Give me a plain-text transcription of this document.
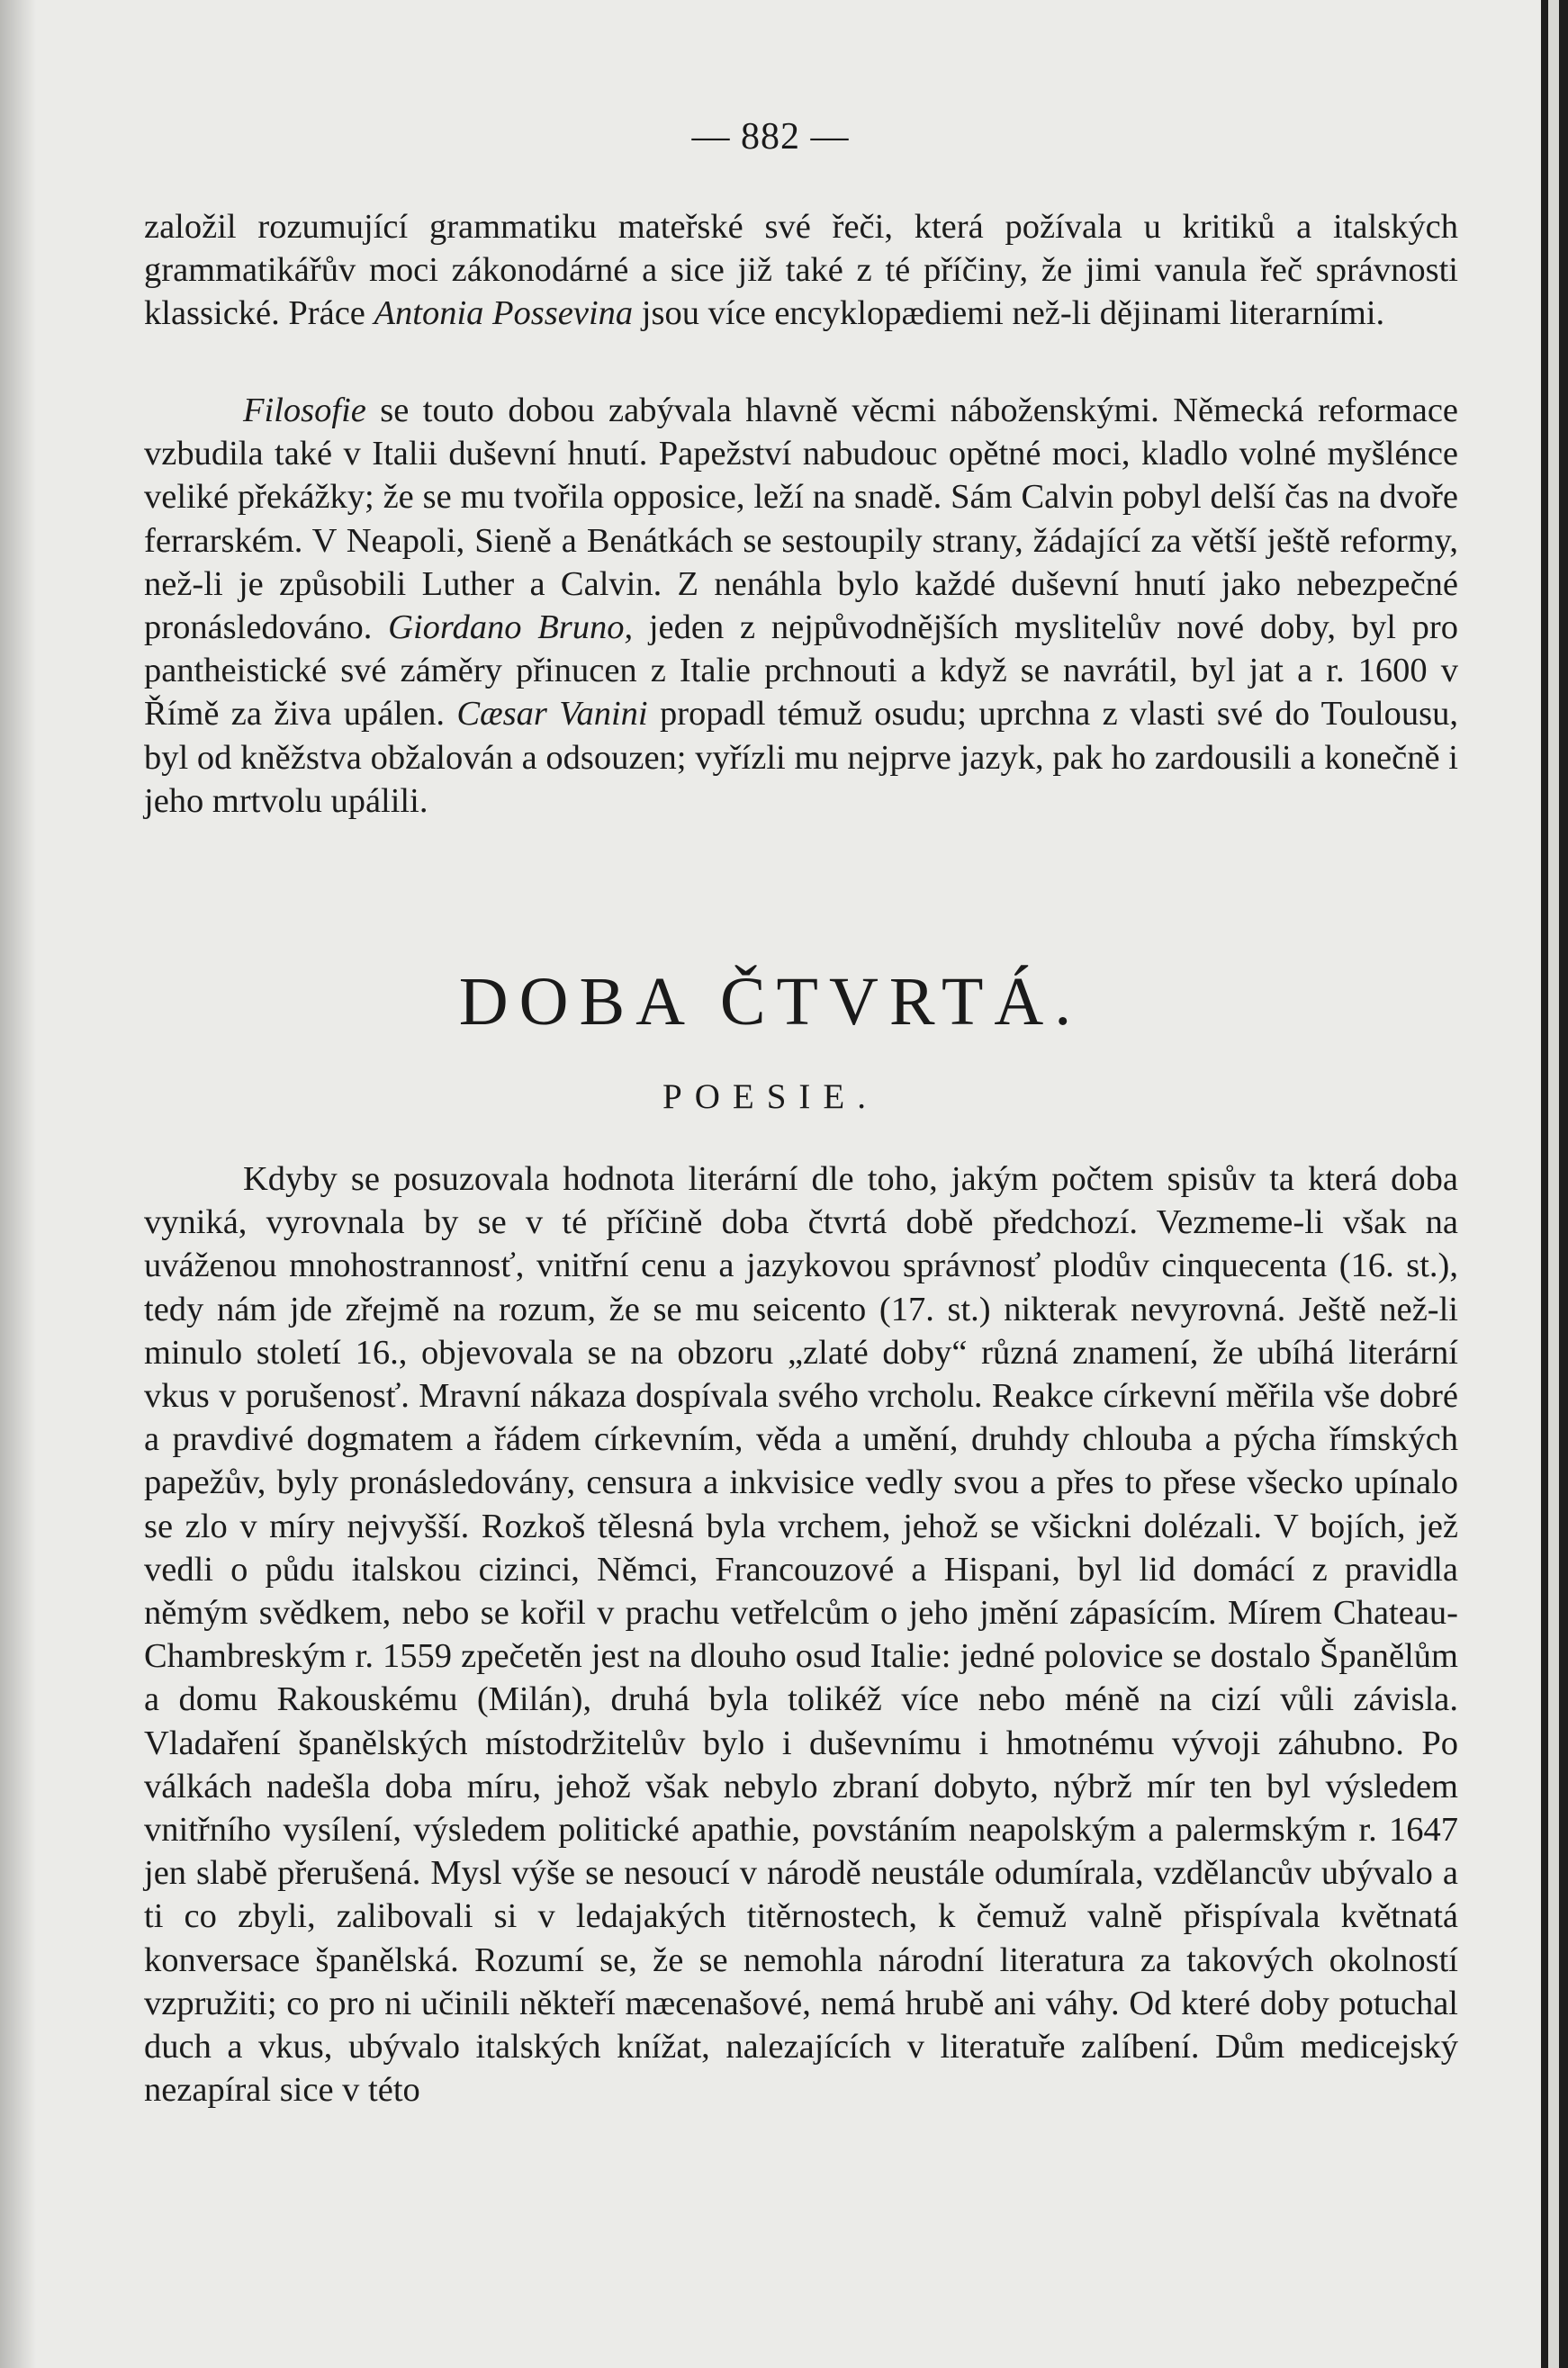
— 882 —

založil rozumující grammatiku mateřské své řeči, která požívala u kritiků a italských grammatikářův moci zákonodárné a sice již také z té příčiny, že jimi vanula řeč správnosti klassické. Práce Antonia Possevina jsou více encyklopædiemi než-li dějinami literarními.

Filosofie se touto dobou zabývala hlavně věcmi náboženskými. Německá reformace vzbudila také v Italii duševní hnutí. Papežství nabudouc opětné moci, kladlo volné myšlénce veliké překážky; že se mu tvořila opposice, leží na snadě. Sám Calvin pobyl delší čas na dvoře ferrarském. V Neapoli, Sieně a Benátkách se sestoupily strany, žádající za větší ještě reformy, než-li je způsobili Luther a Calvin. Z nenáhla bylo každé duševní hnutí jako nebezpečné pronásledováno. Giordano Bruno, jeden z nejpůvodnějších myslitelův nové doby, byl pro pantheistické své záměry přinucen z Italie prchnouti a když se navrátil, byl jat a r. 1600 v Římě za živa upálen. Cæsar Vanini propadl témuž osudu; uprchna z vlasti své do Toulousu, byl od kněžstva obžalován a odsouzen; vyřízli mu nejprve jazyk, pak ho zardousili a konečně i jeho mrtvolu upálili.

DOBA ČTVRTÁ.
POESIE.

Kdyby se posuzovala hodnota literární dle toho, jakým počtem spisův ta která doba vyniká, vyrovnala by se v té příčině doba čtvrtá době předchozí. Vezmeme-li však na uváženou mnohostrannosť, vnitřní cenu a jazykovou správnosť plodův cinquecenta (16. st.), tedy nám jde zřejmě na rozum, že se mu seicento (17. st.) nikterak nevyrovná. Ještě než-li minulo století 16., objevovala se na obzoru „zlaté doby“ různá znamení, že ubíhá literární vkus v porušenosť. Mravní nákaza dospívala svého vrcholu. Reakce církevní měřila vše dobré a pravdivé dogmatem a řádem církevním, věda a umění, druhdy chlouba a pýcha římských papežův, byly pronásledovány, censura a inkvisice vedly svou a přes to přese všecko upínalo se zlo v míry nejvyšší. Rozkoš tělesná byla vrchem, jehož se všickni dolézali. V bojích, jež vedli o půdu italskou cizinci, Němci, Francouzové a Hispani, byl lid domácí z pravidla němým svědkem, nebo se kořil v prachu vetřelcům o jeho jmění zápasícím. Mírem Chateau-Chambreským r. 1559 zpečetěn jest na dlouho osud Italie: jedné polovice se dostalo Španělům a domu Rakouskému (Milán), druhá byla tolikéž více nebo méně na cizí vůli závisla. Vladaření španělských místodržitelův bylo i duševnímu i hmotnému vývoji záhubno. Po válkách nadešla doba míru, jehož však nebylo zbraní dobyto, nýbrž mír ten byl výsledem vnitřního vysílení, výsledem politické apathie, povstáním neapolským a palermským r. 1647 jen slabě přerušená. Mysl výše se nesoucí v národě neustále odumírala, vzdělancův ubývalo a ti co zbyli, zalibovali si v ledajakých titěrnostech, k čemuž valně přispívala květnatá konversace španělská. Rozumí se, že se nemohla národní literatura za takových okolností vzpružiti; co pro ni učinili někteří mæcenašové, nemá hrubě ani váhy. Od které doby potuchal duch a vkus, ubývalo italských knížat, nalezajících v literatuře zalíbení. Dům medicejský nezapíral sice v této
